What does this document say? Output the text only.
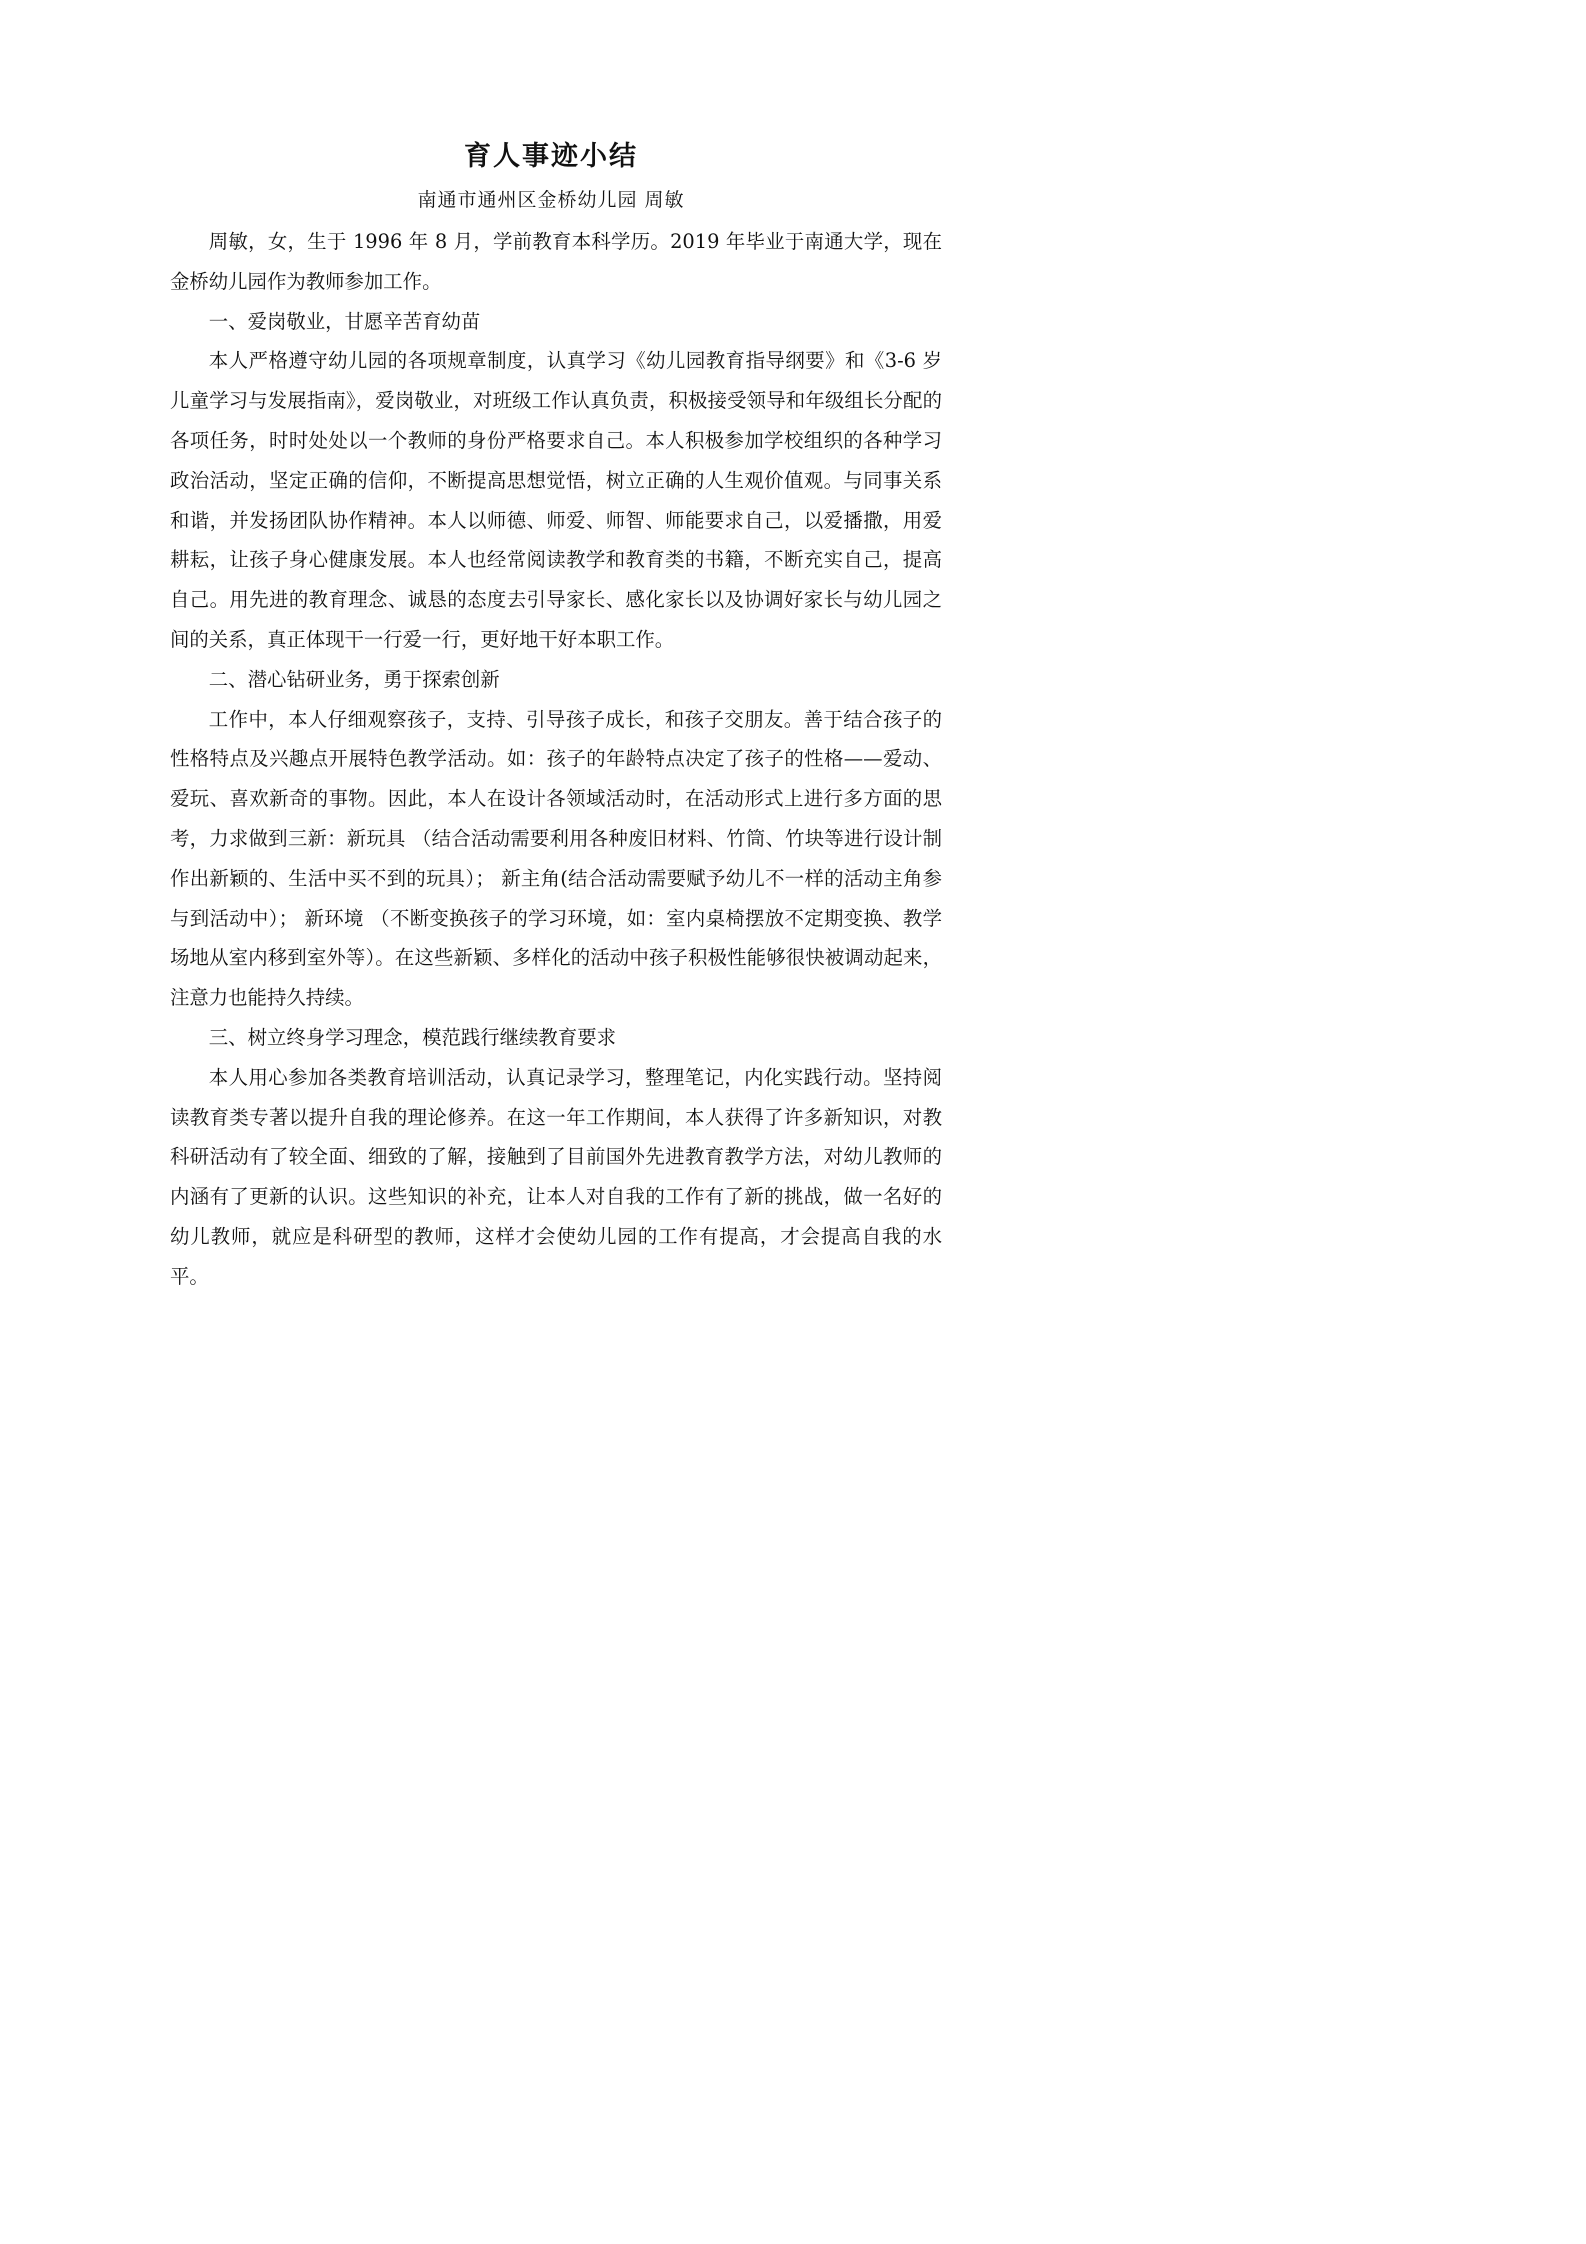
育人事迹小结
南通市通州区金桥幼儿园 周敏

周敏，女，生于 1996 年 8 月，学前教育本科学历。2019 年毕业于南通大学，现在金桥幼儿园作为教师参加工作。

一、爱岗敬业，甘愿辛苦育幼苗

本人严格遵守幼儿园的各项规章制度，认真学习《幼儿园教育指导纲要》和《3-6 岁儿童学习与发展指南》，爱岗敬业，对班级工作认真负责，积极接受领导和年级组长分配的各项任务，时时处处以一个教师的身份严格要求自己。本人积极参加学校组织的各种学习政治活动，坚定正确的信仰，不断提高思想觉悟，树立正确的人生观价值观。与同事关系和谐，并发扬团队协作精神。本人以师德、师爱、师智、师能要求自己，以爱播撒，用爱耕耘，让孩子身心健康发展。本人也经常阅读教学和教育类的书籍，不断充实自己，提高自己。用先进的教育理念、诚恳的态度去引导家长、感化家长以及协调好家长与幼儿园之间的关系，真正体现干一行爱一行，更好地干好本职工作。

二、潜心钻研业务，勇于探索创新

工作中，本人仔细观察孩子，支持、引导孩子成长，和孩子交朋友。善于结合孩子的性格特点及兴趣点开展特色教学活动。如：孩子的年龄特点决定了孩子的性格——爱动、爱玩、喜欢新奇的事物。因此，本人在设计各领域活动时，在活动形式上进行多方面的思考，力求做到三新：新玩具 （结合活动需要利用各种废旧材料、竹筒、竹块等进行设计制作出新颖的、生活中买不到的玩具）； 新主角(结合活动需要赋予幼儿不一样的活动主角参与到活动中）； 新环境 （不断变换孩子的学习环境，如：室内桌椅摆放不定期变换、教学场地从室内移到室外等）。在这些新颖、多样化的活动中孩子积极性能够很快被调动起来，注意力也能持久持续。

三、树立终身学习理念，模范践行继续教育要求

本人用心参加各类教育培训活动，认真记录学习，整理笔记，内化实践行动。坚持阅读教育类专著以提升自我的理论修养。在这一年工作期间，本人获得了许多新知识，对教科研活动有了较全面、细致的了解，接触到了目前国外先进教育教学方法，对幼儿教师的内涵有了更新的认识。这些知识的补充，让本人对自我的工作有了新的挑战，做一名好的幼儿教师，就应是科研型的教师，这样才会使幼儿园的工作有提高，才会提高自我的水平。
